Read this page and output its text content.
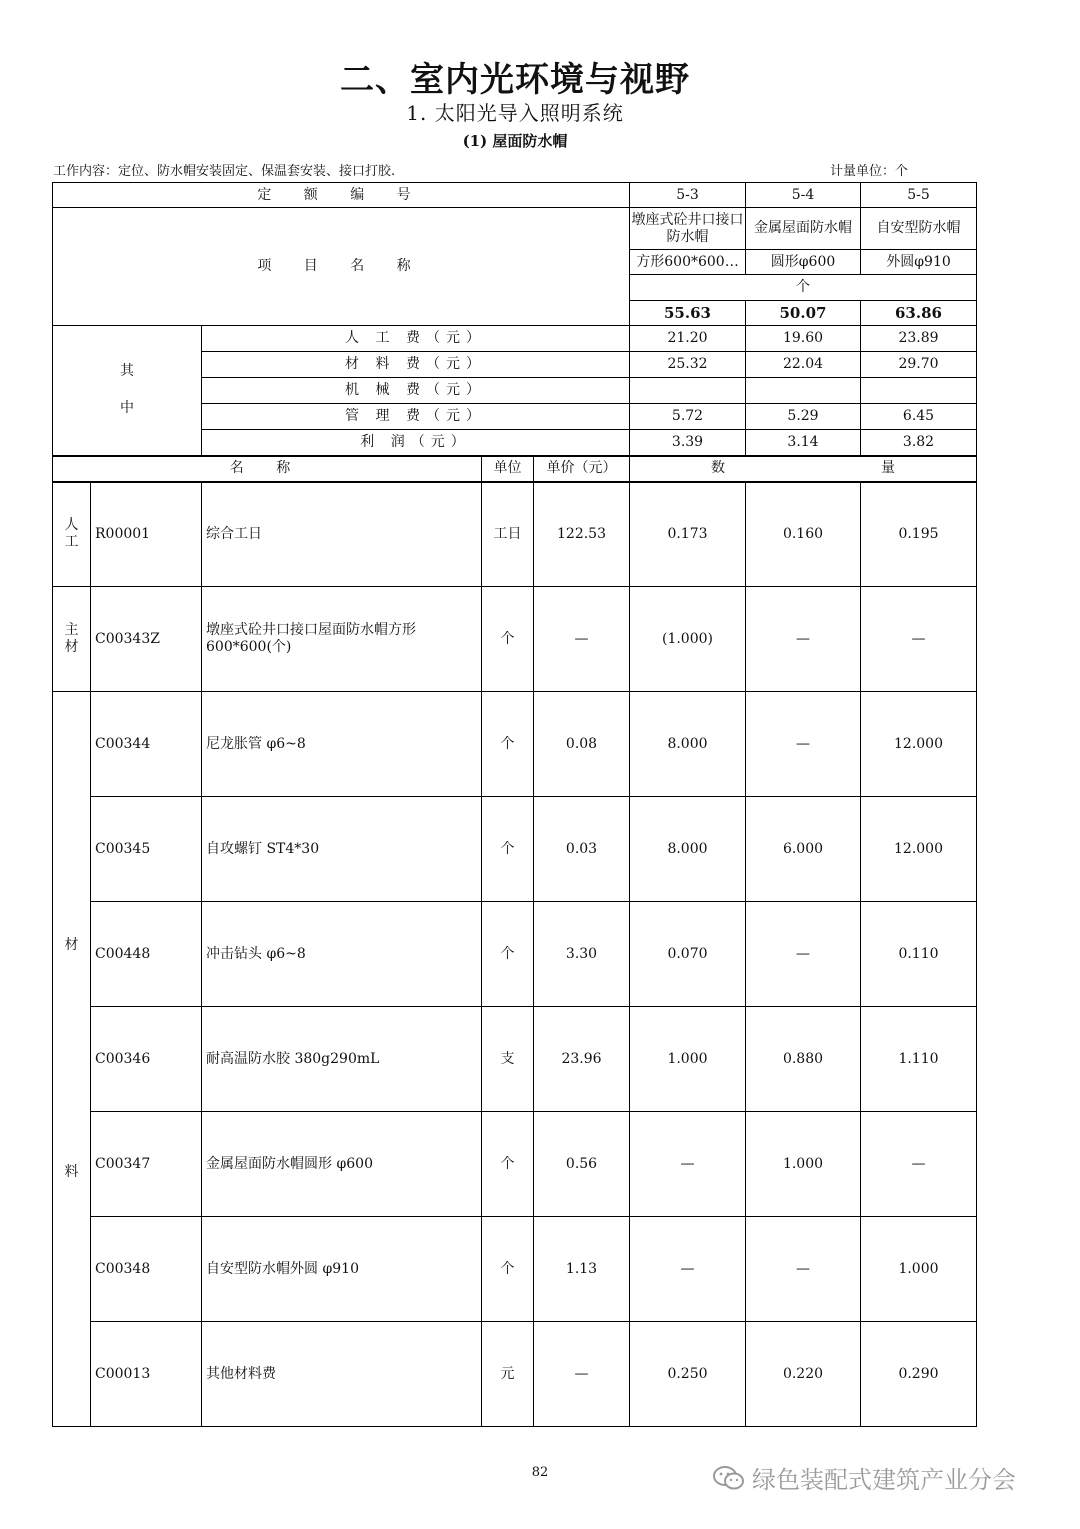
二、室内光环境与视野
1. 太阳光导入照明系统
(1) 屋面防水帽
工作内容：定位、防水帽安装固定、保温套安装、接口打胶.	计量单位：个
定 额 编 号					5-3	5-4	5-5
项 目 名 称					墩座式砼井口接口防水帽	金属屋面防水帽	自安型防水帽
					方形600*600…	圆形φ600	外圆φ910
					个		
					55.63	50.07	63.86

其
中		人 工 费（元）			21.20	19.60	23.89
		材 料 费（元）			25.32	22.04	29.70
		机 械 费（元）					
		管 理 费（元）			5.72	5.29	6.45
		利 润（元）			3.39	3.14	3.82
名 称			单位	单价（元）	数 量		
人工	R00001	综合工日	工日	122.53	0.173	0.160	0.195
主材	C00343Z	墩座式砼井口接口屋面防水帽方形600*600(个)	个	—	(1.000)	—	—

材
料	C00344	尼龙胀管 φ6~8	个	0.08	8.000	—	12.000
	C00345	自攻螺钉 ST4*30	个	0.03	8.000	6.000	12.000
	C00448	冲击钻头 φ6~8	个	3.30	0.070	—	0.110
	C00346	耐高温防水胶 380g290mL	支	23.96	1.000	0.880	1.110
	C00347	金属屋面防水帽圆形 φ600	个	0.56	—	1.000	—
	C00348	自安型防水帽外圆 φ910	个	1.13	—	—	1.000
	C00013	其他材料费	元	—	0.250	0.220	0.290
82	绿色装配式建筑产业分会
